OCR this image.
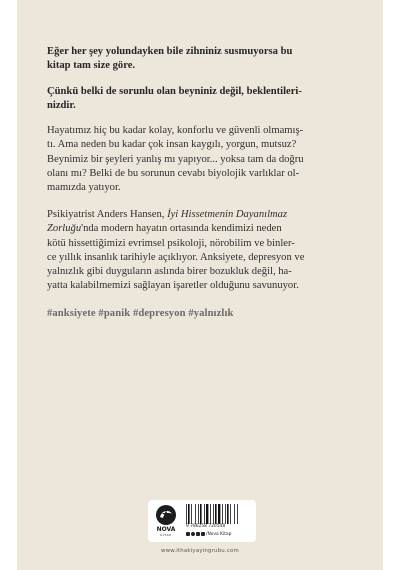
Eğer her şey yolundayken bile zihniniz susmuyorsa bu
kitap tam size göre.
Çünkü belki de sorunlu olan beyniniz değil, beklentileri-
nizdir.
Hayatımız hiç bu kadar kolay, konforlu ve güvenli olmamış-
tı. Ama neden bu kadar çok insan kaygılı, yorgun, mutsuz?
Beynimiz bir şeyleri yanlış mı yapıyor... yoksa tam da doğru
olanı mı? Belki de bu sorunun cevabı biyolojik varlıklar ol-
mamızda yatıyor.
Psikiyatrist Anders Hansen, İyi Hissetmenin Dayanılmaz
Zorluğu'nda modern hayatın ortasında kendimizi neden
kötü hissettiğimizi evrimsel psikoloji, nörobilim ve binler-
ce yıllık insanlık tarihiyle açıklıyor. Anksiyete, depresyon ve
yalnızlık gibi duyguların aslında birer bozukluk değil, ha-
yatta kalabilmemizi sağlayan işaretler olduğunu savunuyor.
#anksiyete #panik #depresyon #yalnızlık
NOVA
KİTAP
9 786258 720548
/Nova Kitap
www.ithakiyayingrubu.com
